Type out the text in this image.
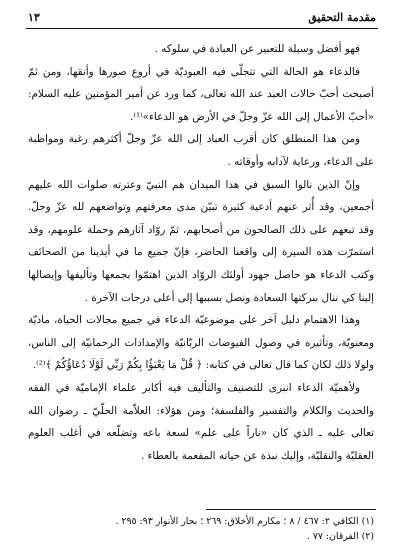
مقدمة التحقيق
١٣

فهو أفضل وسيلة للتعبير عن العبادة في سلوكه .

فالدعاء هو الحالة التي تتجلّى فيه العبوديّة في أروع صورها وأنقها، ومن ثمّ أصبحت أحبّ حالات العبد عند الله تعالى، كما ورد عن أمير المؤمنين عليه السلام: «أحبّ الأعمال إلى الله عزّ وجلّ في الأرض هو الدعاء»⁽¹⁾.

ومن هذا المنطلق كان أقرب العباد إلى الله عزّ وجلّ أكثرهم رغبة ومواظبة على الدعاء، ورعاية لآدابه وأوقاته .

وإنّ الذين نالوا السبق في هذا الميدان هم النبيّ وعترته صلوات الله عليهم أجمعين، وقد أُثر عنهم أدعية كثيرة تبيّن مدى معرفتهم وتواضعهم لله عزّ وجلّ. وقد تبعهم على ذلك الصالحون من أصحابهم، ثمّ روّاد آثارهم وحملة علومهم، وقد استمرّت هذه السيرة إلى واقعنا الحاضر، فإنّ جميع ما في أيدينا من الصحائف وكتب الدعاء هو حاصل جهود أولئك الروّاد الذين اهتمّوا بجمعها وتأليفها وإيصالها إلينا كي ننال ببركتها السعادة ونصل بسببها إلى أعلى درجات الآخرة .

وهذا الاهتمام دليل آخر على موضوعيّة الدعاء في جميع مجالات الحياة، ماديّة ومعنويّة، وتأثيره في وصول الفيوضات الربّانيّة والإمدادات الرحمانيّة إلى الناس، ولولا ذلك لكان كما قال تعالى في كتابه: ﴿ قُلْ مَا يَعْبَؤُا بِكُمْ رَبِّي لَوْلَا دُعَاؤُكُمْ ﴾⁽²⁾.

ولأهميّة الدعاء انبرى للتصنيف والتأليف فيه أكابر علماء الإماميّة في الفقه والحديث والكلام والتفسير والفلسفة؛ ومن هؤلاء: العلاّمة الحلّيّ ـ رضوان الله تعالى عليه ـ الذي كان «ناراً على علم» لسعة باعه وتضلّعه في أغلب العلوم العقليّة والنقليّة، وإليك نبذة عن حياته المفعمة بالعطاء .

(١) الكافي ٢: ٤٦٧ / ٨ ؛ مكارم الأخلاق: ٢٦٩ ؛ بحار الأنوار ٩٣: ٢٩٥ .
(٢) الفرقان: ٧٧ .
